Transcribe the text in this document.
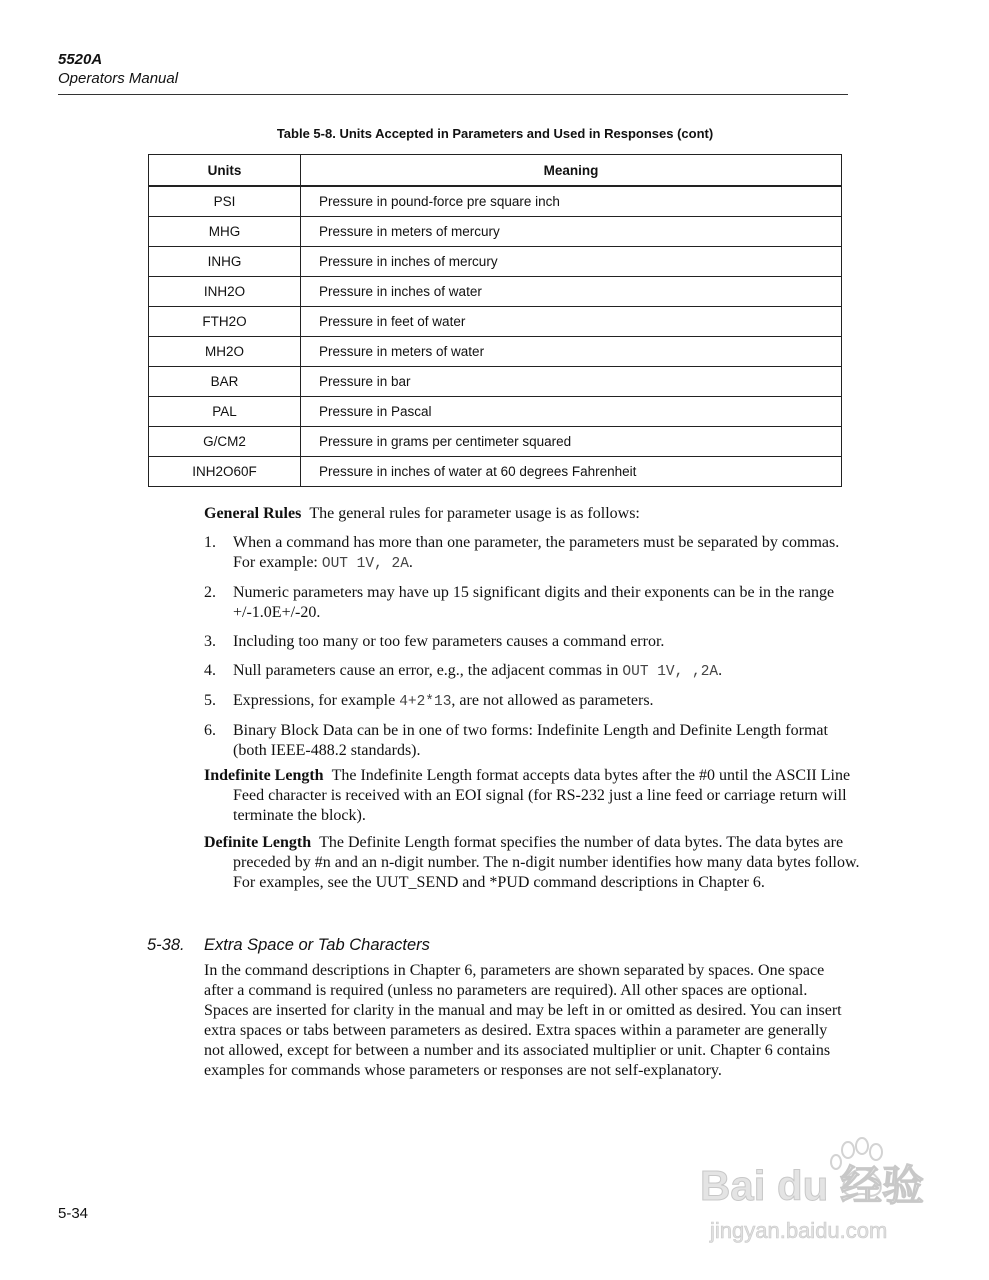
5520A
Operators Manual
Table 5-8. Units Accepted in Parameters and Used in Responses (cont)
Units	Meaning
PSI	Pressure in pound-force pre square inch
MHG	Pressure in meters of mercury
INHG	Pressure in inches of mercury
INH2O	Pressure in inches of water
FTH2O	Pressure in feet of water
MH2O	Pressure in meters of water
BAR	Pressure in bar
PAL	Pressure in Pascal
G/CM2	Pressure in grams per centimeter squared
INH2O60F	Pressure in inches of water at 60 degrees Fahrenheit
General Rules The general rules for parameter usage is as follows:
1. When a command has more than one parameter, the parameters must be separated by commas. For example: OUT 1V, 2A.
2. Numeric parameters may have up 15 significant digits and their exponents can be in the range +/-1.0E+/-20.
3. Including too many or too few parameters causes a command error.
4. Null parameters cause an error, e.g., the adjacent commas in OUT 1V, ,2A.
5. Expressions, for example 4+2*13, are not allowed as parameters.
6. Binary Block Data can be in one of two forms: Indefinite Length and Definite Length format (both IEEE-488.2 standards).
Indefinite Length The Indefinite Length format accepts data bytes after the #0 until the ASCII Line Feed character is received with an EOI signal (for RS-232 just a line feed or carriage return will terminate the block).
Definite Length The Definite Length format specifies the number of data bytes. The data bytes are preceded by #n and an n-digit number. The n-digit number identifies how many data bytes follow. For examples, see the UUT_SEND and *PUD command descriptions in Chapter 6.
5-38. Extra Space or Tab Characters
In the command descriptions in Chapter 6, parameters are shown separated by spaces. One space after a command is required (unless no parameters are required). All other spaces are optional. Spaces are inserted for clarity in the manual and may be left in or omitted as desired. You can insert extra spaces or tabs between parameters as desired. Extra spaces within a parameter are generally not allowed, except for between a number and its associated multiplier or unit. Chapter 6 contains examples for commands whose parameters or responses are not self-explanatory.
5-34
Bai du 经验
jingyan.baidu.com
